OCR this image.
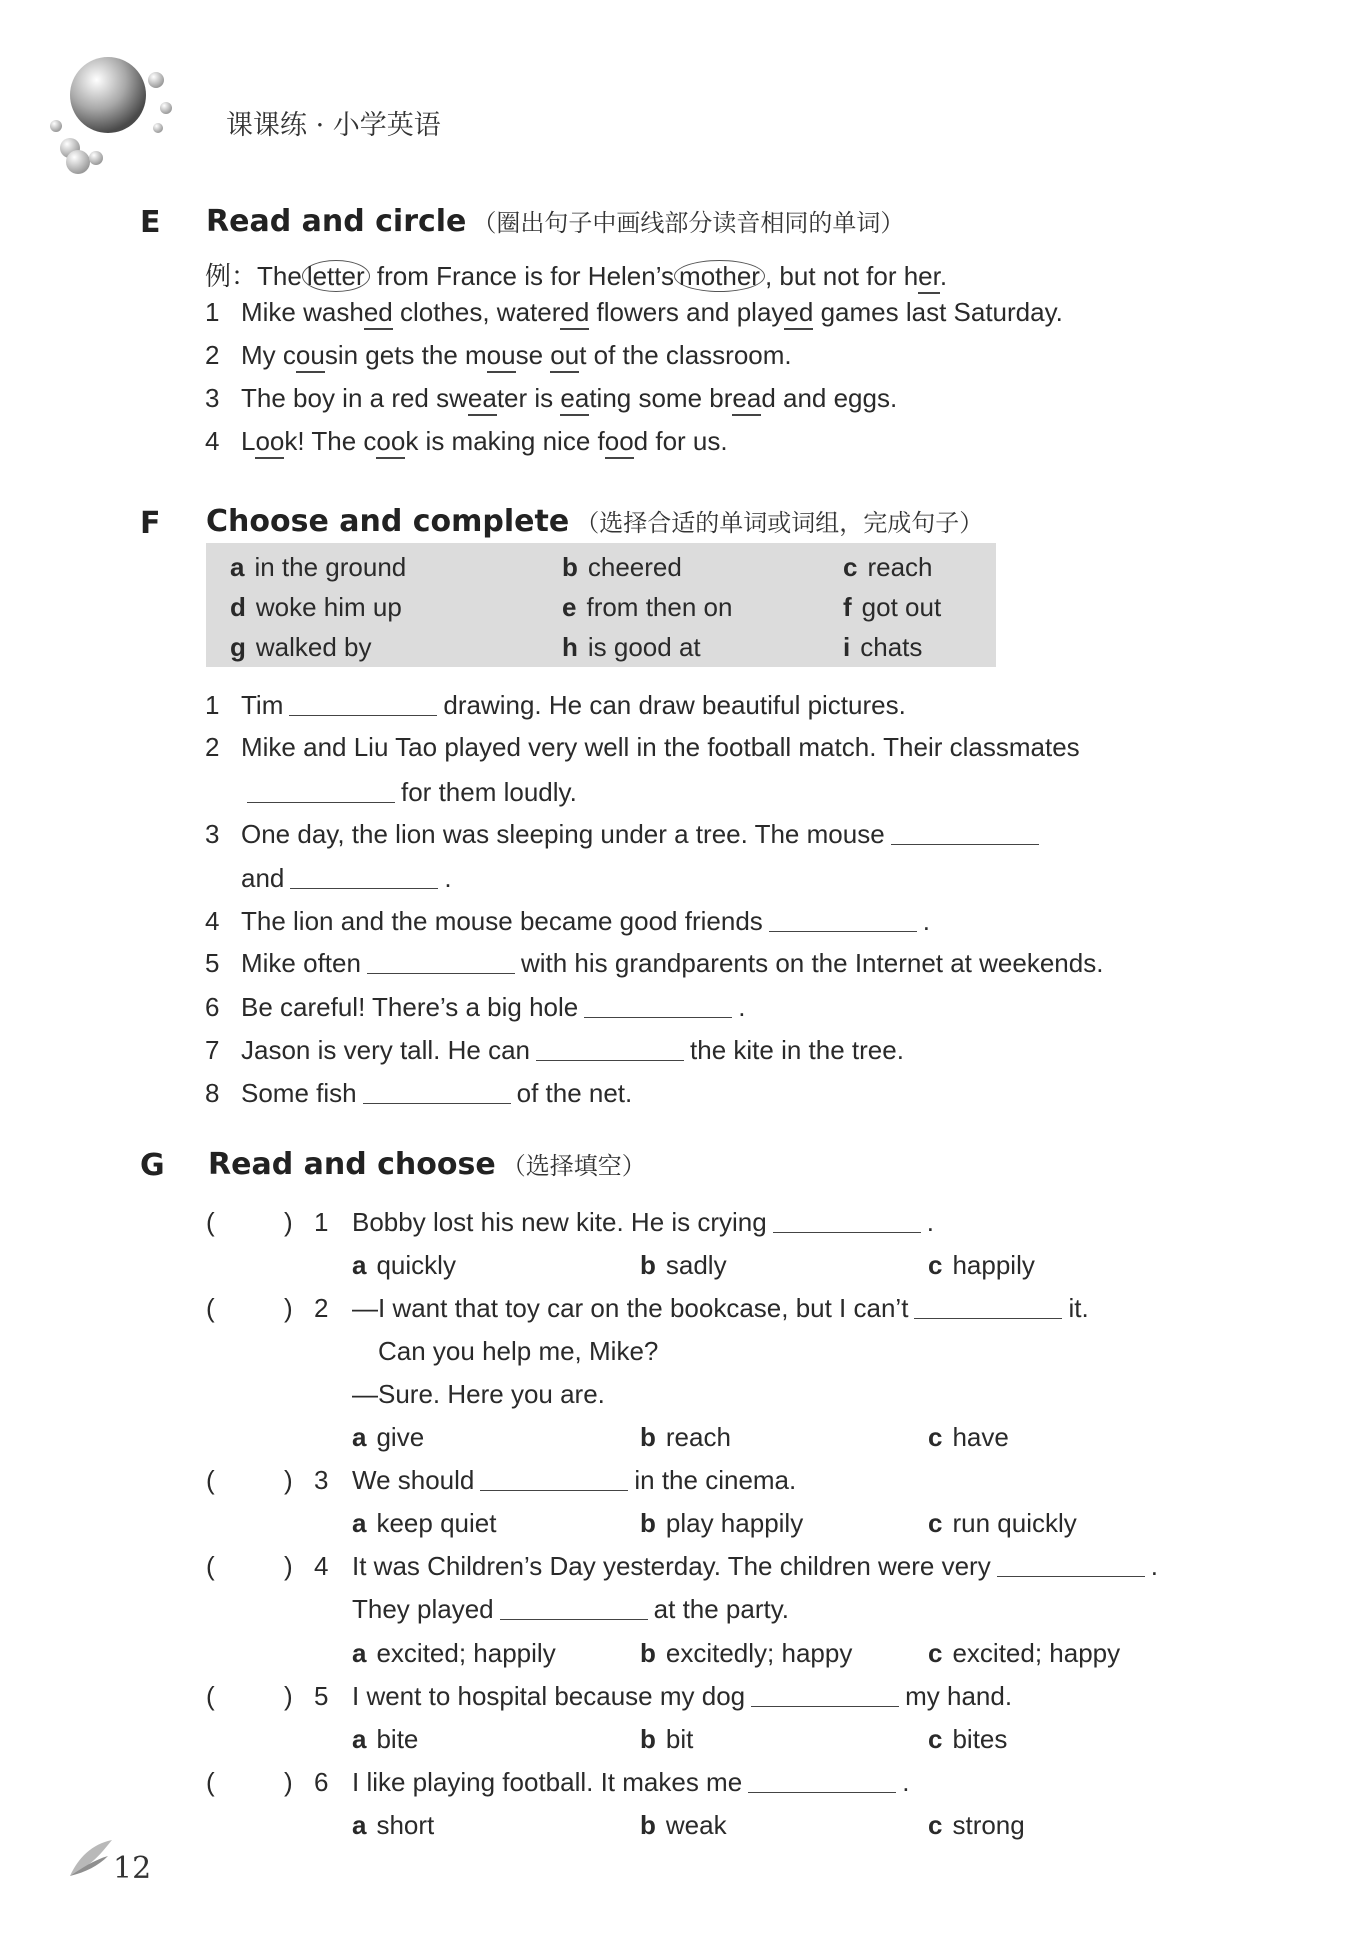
课课练 · 小学英语
E Read and circle （圈出句子中画线部分读音相同的单词）
例：The letter from France is for Helen’s mother , but not for her.
1 Mike washed clothes, watered flowers and played games last Saturday.
2 My cousin gets the mouse out of the classroom.
3 The boy in a red sweater is eating some bread and eggs.
4 Look! The cook is making nice food for us.
F Choose and complete （选择合适的单词或词组，完成句子）
a in the ground	b cheered	c reach
d woke him up	e from then on	f got out
g walked by	h is good at	i chats
1 Tim	drawing. He can draw beautiful pictures.
2 Mike and Liu Tao played very well in the football match. Their classmates
for them loudly.
3 One day, the lion was sleeping under a tree. The mouse
and	.
4 The lion and the mouse became good friends	.
5 Mike often	with his grandparents on the Internet at weekends.
6 Be careful! There’s a big hole	.
7 Jason is very tall. He can	the kite in the tree.
8 Some fish	of the net.
G Read and choose （选择填空）
(	) 1 Bobby lost his new kite. He is crying	.
a quickly	b sadly	c happily
(	) 2 —I want that toy car on the bookcase, but I can’t	it.
Can you help me, Mike?
—Sure. Here you are.
a give	b reach	c have
(	) 3 We should	in the cinema.
a keep quiet	b play happily	c run quickly
(	) 4 It was Children’s Day yesterday. The children were very	.
They played	at the party.
a excited; happily	b excitedly; happy	c excited; happy
(	) 5 I went to hospital because my dog	my hand.
a bite	b bit	c bites
(	) 6 I like playing football. It makes me	.
a short	b weak	c strong
12
